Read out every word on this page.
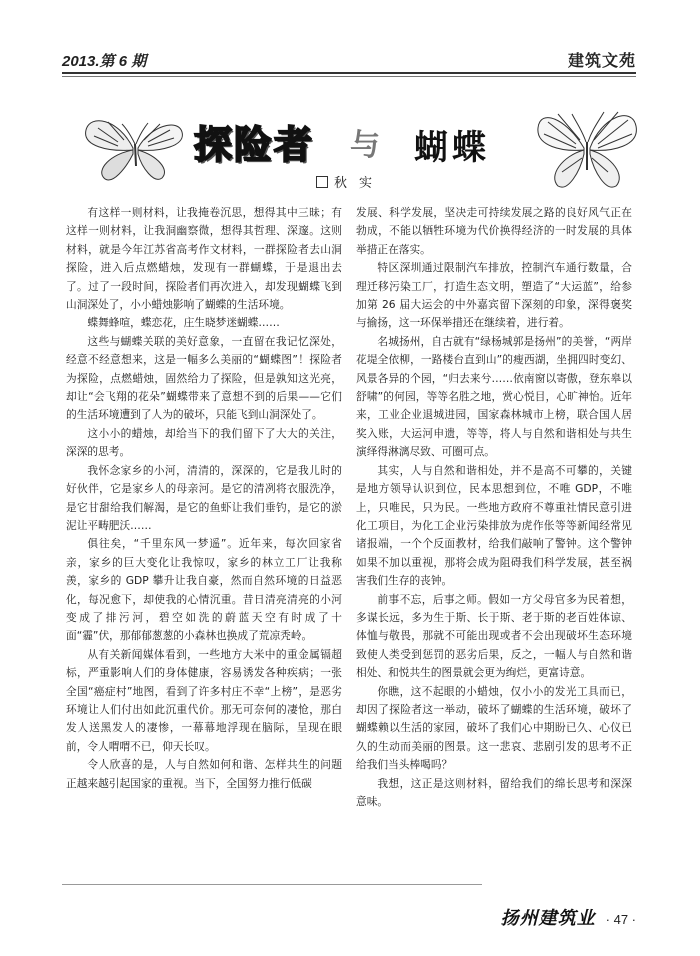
2013.第 6 期	建筑文苑
探险者 与 蝴蝶
秋实

有这样一则材料，让我掩卷沉思，想得其中三昧；有这样一则材料，让我洞幽察微，想得其哲理、深邃。这则材料，就是今年江苏省高考作文材料，一群探险者去山洞探险，进入后点燃蜡烛，发现有一群蝴蝶，于是退出去了。过了一段时间，探险者们再次进入，却发现蝴蝶飞到山洞深处了，小小蜡烛影响了蝴蝶的生活环境。

蝶舞蜂喧，蝶恋花，庄生晓梦迷蝴蝶……

这些与蝴蝶关联的美好意象，一直留在我记忆深处，经意不经意想来，这是一幅多么美丽的“蝴蝶图”！探险者为探险，点燃蜡烛，固然给力了探险，但是孰知这光亮，却让“会飞翔的花朵”蝴蝶带来了意想不到的后果——它们的生活环境遭到了人为的破坏，只能飞到山洞深处了。

这小小的蜡烛，却给当下的我们留下了大大的关注，深深的思考。

我怀念家乡的小河，清清的，深深的，它是我儿时的好伙伴，它是家乡人的母亲河。是它的清冽将衣服洗净，是它甘甜给我们解渴，是它的鱼虾让我们垂钓，是它的淤泥让平畴肥沃……

俱往矣，“千里东风一梦遥”。近年来，每次回家省亲，家乡的巨大变化让我惊叹，家乡的林立工厂让我称羡，家乡的 GDP 攀升让我自豪，然而自然环境的日益恶化，每况愈下，却使我的心情沉重。昔日清亮清亮的小河变成了排污河，碧空如洗的蔚蓝天空有时成了十面“霾”伏，那郁郁葱葱的小森林也换成了荒凉秃岭。

从有关新闻媒体看到，一些地方大米中的重金属镉超标，严重影响人们的身体健康，容易诱发各种疾病；一张全国“癌症村”地图，看到了许多村庄不幸“上榜”，是恶劣环境让人们付出如此沉重代价。那无可奈何的凄怆，那白发人送黑发人的凄惨，一幕幕地浮现在脑际，呈现在眼前，令人喟喟不已，仰天长叹。

令人欣喜的是，人与自然如何和谐、怎样共生的问题正越来越引起国家的重视。当下，全国努力推行低碳

发展、科学发展，坚决走可持续发展之路的良好风气正在勃成，不能以牺牲环境为代价换得经济的一时发展的具体举措正在落实。

特区深圳通过限制汽车排放，控制汽车通行数量，合理迁移污染工厂，打造生态文明，塑造了“大运蓝”，给参加第 26 届大运会的中外嘉宾留下深刻的印象，深得褒奖与揄扬，这一环保举措还在继续着，进行着。

名城扬州，自古就有“绿杨城郭是扬州”的美誉，“两岸花堤全依柳，一路楼台直到山”的瘦西湖，坐拥四时变幻、风景各异的个园，“归去来兮……依南窗以寄傲，登东皋以舒啸”的何园，等等名胜之地，赏心悦目，心旷神怡。近年来，工业企业退城进园，国家森林城市上榜，联合国人居奖入账，大运河申遗，等等，将人与自然和谐相处与共生演绎得淋漓尽致、可圈可点。

其实，人与自然和谐相处，并不是高不可攀的，关键是地方领导认识到位，民本思想到位，不唯 GDP，不唯上，只唯民，只为民。一些地方政府不尊重社情民意引进化工项目，为化工企业污染排放为虎作伥等等新闻经常见诸报端，一个个反面教材，给我们敲响了警钟。这个警钟如果不加以重视，那将会成为阻碍我们科学发展，甚至祸害我们生存的丧钟。

前事不忘，后事之师。假如一方父母官多为民着想，多谋长远，多为生于斯、长于斯、老于斯的老百姓体谅、体恤与敬畏，那就不可能出现或者不会出现破坏生态环境致使人类受到惩罚的恶劣后果，反之，一幅人与自然和谐相处、和悦共生的图景就会更为绚烂，更富诗意。

你瞧，这不起眼的小蜡烛，仅小小的发光工具而已，却因了探险者这一举动，破坏了蝴蝶的生活环境，破坏了蝴蝶赖以生活的家园，破坏了我们心中期盼已久、心仪已久的生动而美丽的图景。这一悲哀、悲剧引发的思考不正给我们当头棒喝吗？

我想，这正是这则材料，留给我们的绵长思考和深深意味。

扬州建筑业 · 47 ·
